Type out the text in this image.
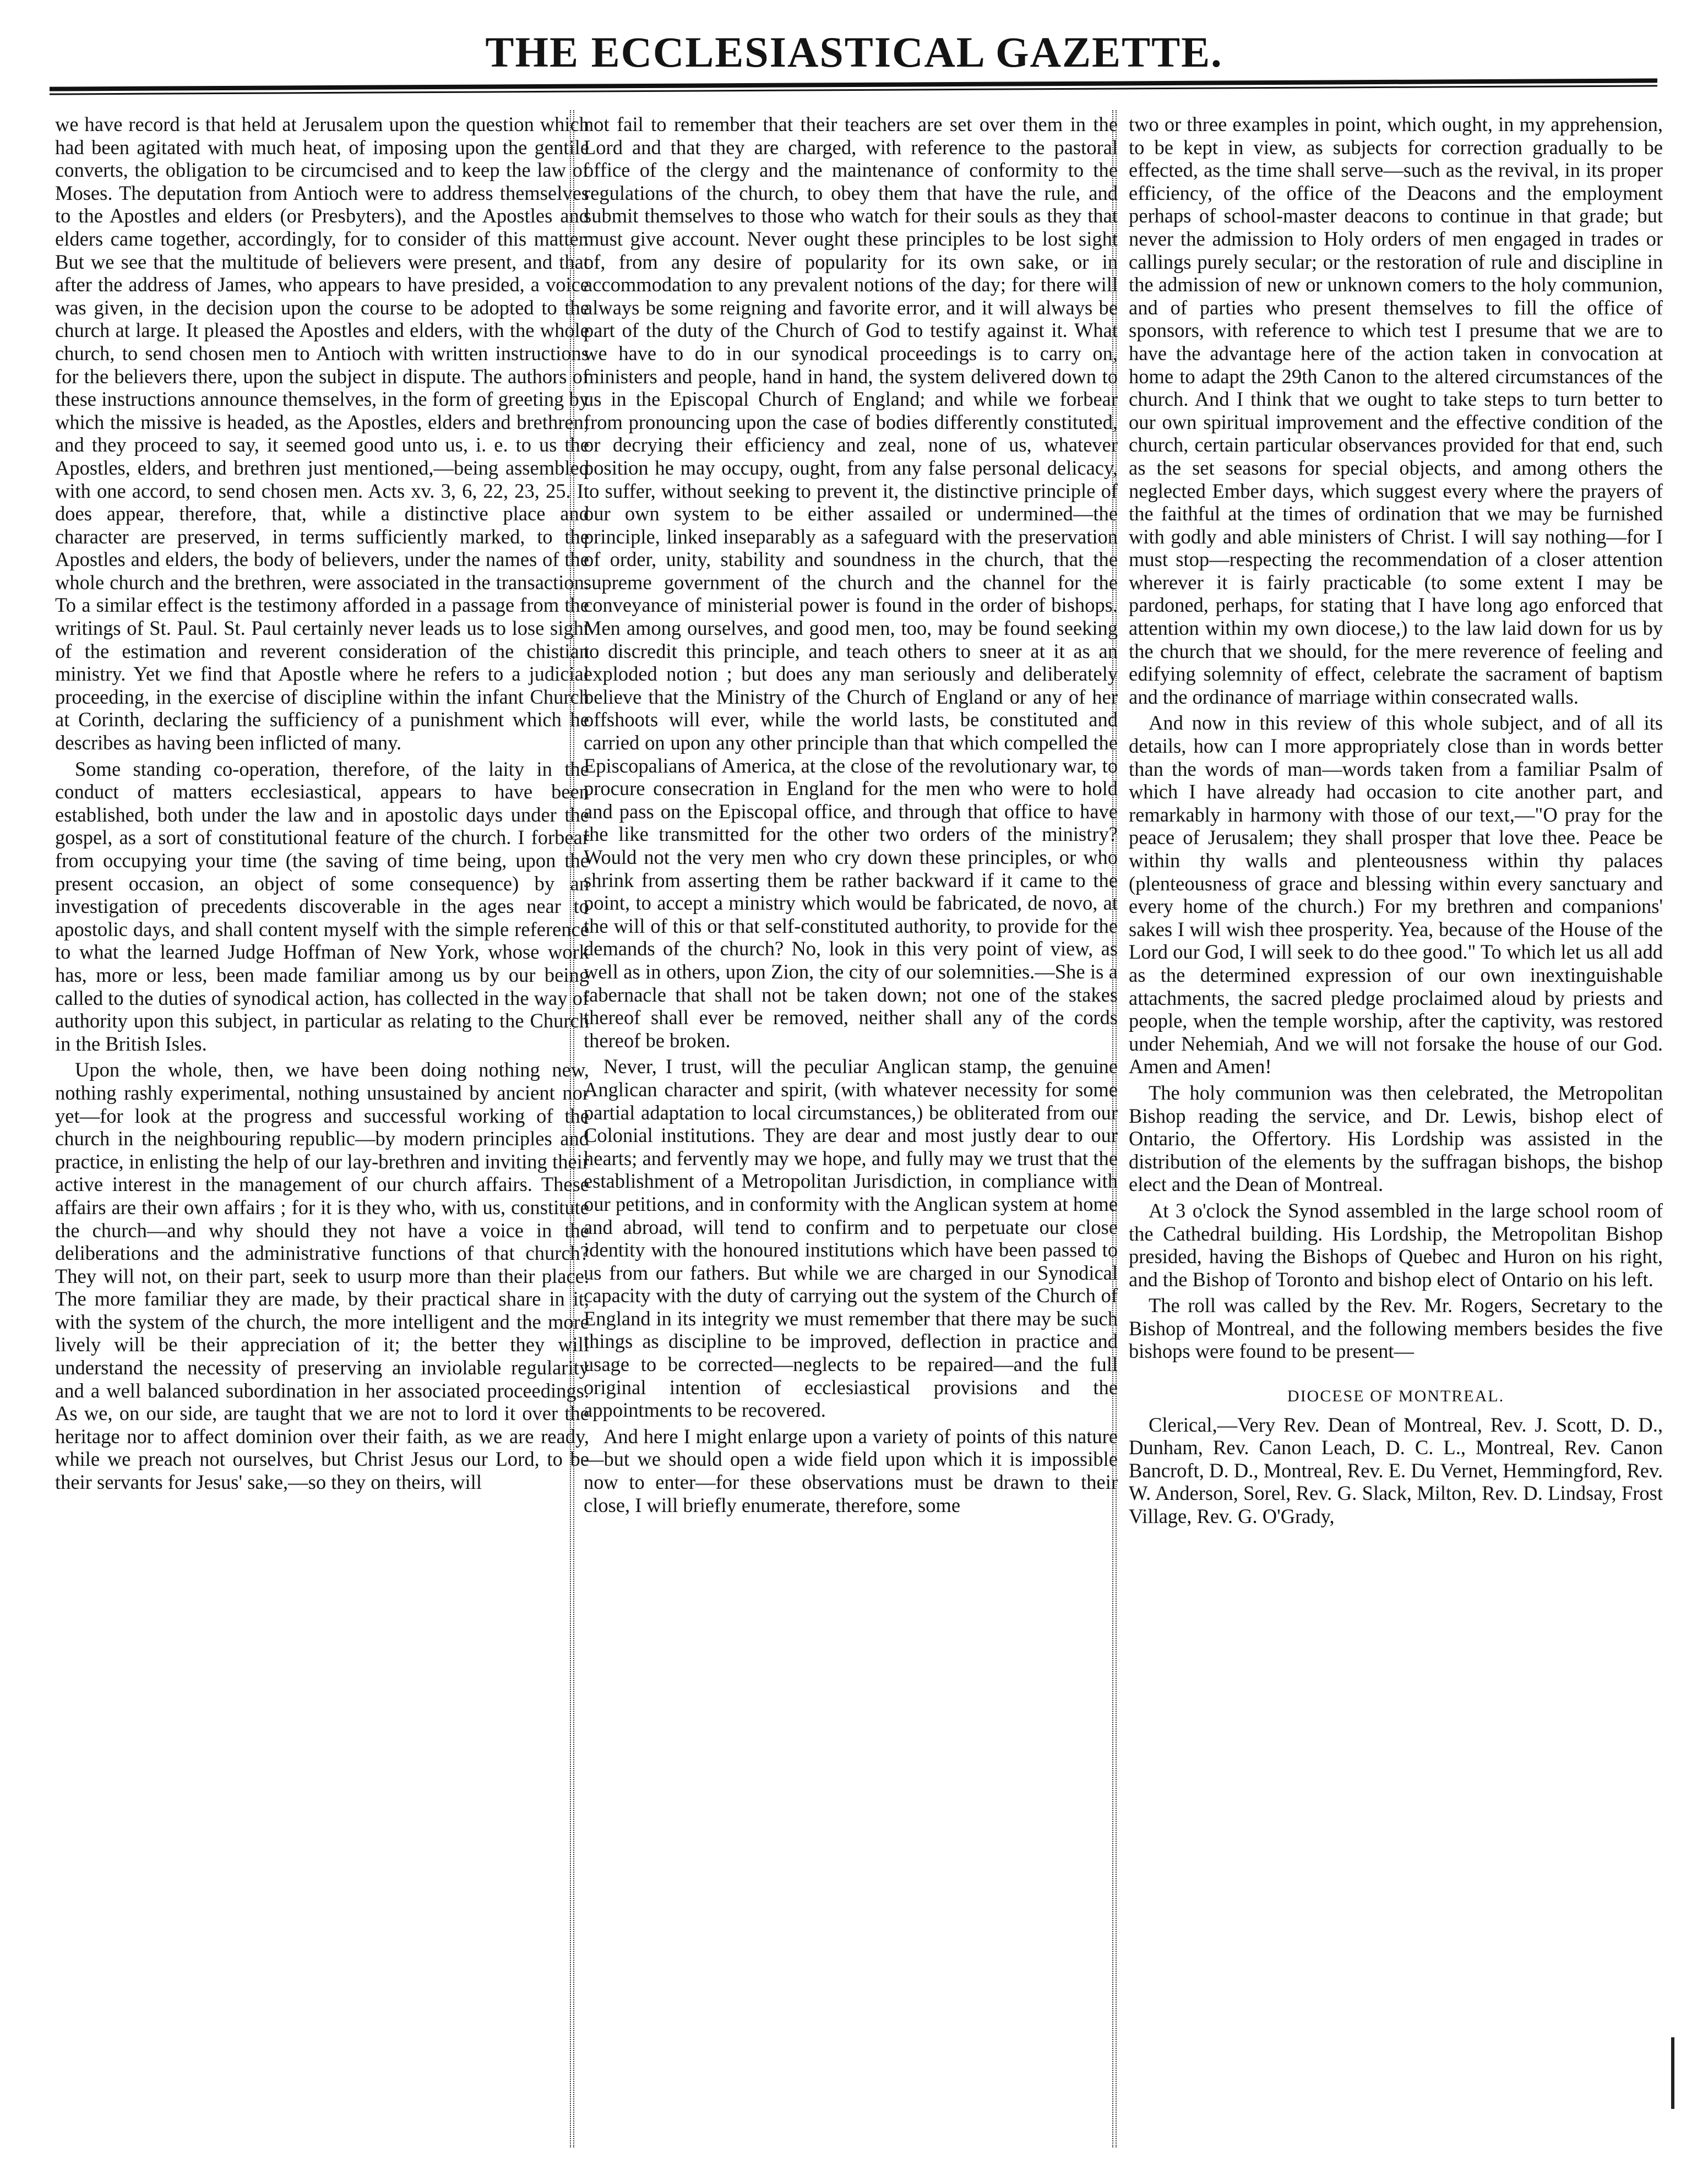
THE ECCLESIASTICAL GAZETTE.

we have record is that held at Jerusalem upon the question which had been agitated with much heat, of imposing upon the gentile converts, the obligation to be circumcised and to keep the law of Moses. The deputation from Antioch were to address themselves to the Apostles and elders (or Presbyters), and the Apostles and elders came together, accordingly, for to consider of this matter. But we see that the multitude of believers were present, and that after the address of James, who appears to have presided, a voice was given, in the decision upon the course to be adopted to the church at large. It pleased the Apostles and elders, with the whole church, to send chosen men to Antioch with written instructions for the believers there, upon the subject in dispute. The authors of these instructions announce themselves, in the form of greeting by which the missive is headed, as the Apostles, elders and brethren; and they proceed to say, it seemed good unto us, i. e. to us the Apostles, elders, and brethren just mentioned,—being assembled with one accord, to send chosen men. Acts xv. 3, 6, 22, 23, 25. It does appear, therefore, that, while a distinctive place and character are preserved, in terms sufficiently marked, to the Apostles and elders, the body of believers, under the names of the whole church and the brethren, were associated in the transaction. To a similar effect is the testimony afforded in a passage from the writings of St. Paul. St. Paul certainly never leads us to lose sight of the estimation and reverent consideration of the chistian ministry. Yet we find that Apostle where he refers to a judicial proceeding, in the exercise of discipline within the infant Church at Corinth, declaring the sufficiency of a punishment which he describes as having been inflicted of many.

Some standing co-operation, therefore, of the laity in the conduct of matters ecclesiastical, appears to have been established, both under the law and in apostolic days under the gospel, as a sort of constitutional feature of the church. I forbear from occupying your time (the saving of time being, upon the present occasion, an object of some consequence) by an investigation of precedents discoverable in the ages near to apostolic days, and shall content myself with the simple reference to what the learned Judge Hoffman of New York, whose work has, more or less, been made familiar among us by our being called to the duties of synodical action, has collected in the way of authority upon this subject, in particular as relating to the Church in the British Isles.

Upon the whole, then, we have been doing nothing new, nothing rashly experimental, nothing unsustained by ancient nor yet—for look at the progress and successful working of the church in the neighbouring republic—by modern principles and practice, in enlisting the help of our lay-brethren and inviting their active interest in the management of our church affairs. These affairs are their own affairs ; for it is they who, with us, constitute the church—and why should they not have a voice in the deliberations and the administrative functions of that church? They will not, on their part, seek to usurp more than their place. The more familiar they are made, by their practical share in it, with the system of the church, the more intelligent and the more lively will be their appreciation of it; the better they will understand the necessity of preserving an inviolable regularity and a well balanced subordination in her associated proceedings. As we, on our side, are taught that we are not to lord it over the heritage nor to affect dominion over their faith, as we are ready, while we preach not ourselves, but Christ Jesus our Lord, to be their servants for Jesus' sake,—so they on theirs, will

not fail to remember that their teachers are set over them in the Lord and that they are charged, with reference to the pastoral office of the clergy and the maintenance of conformity to the regulations of the church, to obey them that have the rule, and submit themselves to those who watch for their souls as they that must give account. Never ought these principles to be lost sight of, from any desire of popularity for its own sake, or in accommodation to any prevalent notions of the day; for there will always be some reigning and favorite error, and it will always be part of the duty of the Church of God to testify against it. What we have to do in our synodical proceedings is to carry on, ministers and people, hand in hand, the system delivered down to us in the Episcopal Church of England; and while we forbear from pronouncing upon the case of bodies differently constituted, or decrying their efficiency and zeal, none of us, whatever position he may occupy, ought, from any false personal delicacy, to suffer, without seeking to prevent it, the distinctive principle of our own system to be either assailed or undermined—the principle, linked inseparably as a safeguard with the preservation of order, unity, stability and soundness in the church, that the supreme government of the church and the channel for the conveyance of ministerial power is found in the order of bishops. Men among ourselves, and good men, too, may be found seeking to discredit this principle, and teach others to sneer at it as an exploded notion ; but does any man seriously and deliberately believe that the Ministry of the Church of England or any of her offshoots will ever, while the world lasts, be constituted and carried on upon any other principle than that which compelled the Episcopalians of America, at the close of the revolutionary war, to procure consecration in England for the men who were to hold and pass on the Episcopal office, and through that office to have the like transmitted for the other two orders of the ministry? Would not the very men who cry down these principles, or who shrink from asserting them be rather backward if it came to the point, to accept a ministry which would be fabricated, de novo, at the will of this or that self-constituted authority, to provide for the demands of the church? No, look in this very point of view, as well as in others, upon Zion, the city of our solemnities.—She is a tabernacle that shall not be taken down; not one of the stakes thereof shall ever be removed, neither shall any of the cords thereof be broken.

Never, I trust, will the peculiar Anglican stamp, the genuine Anglican character and spirit, (with whatever necessity for some partial adaptation to local circumstances,) be obliterated from our Colonial institutions. They are dear and most justly dear to our hearts; and fervently may we hope, and fully may we trust that the establishment of a Metropolitan Jurisdiction, in compliance with our petitions, and in conformity with the Anglican system at home and abroad, will tend to confirm and to perpetuate our close identity with the honoured institutions which have been passed to us from our fathers. But while we are charged in our Synodical capacity with the duty of carrying out the system of the Church of England in its integrity we must remember that there may be such things as discipline to be improved, deflection in practice and usage to be corrected—neglects to be repaired—and the full original intention of ecclesiastical provisions and the appointments to be recovered.

And here I might enlarge upon a variety of points of this nature—but we should open a wide field upon which it is impossible now to enter—for these observations must be drawn to their close, I will briefly enumerate, therefore, some

two or three examples in point, which ought, in my apprehension, to be kept in view, as subjects for correction gradually to be effected, as the time shall serve—such as the revival, in its proper efficiency, of the office of the Deacons and the employment perhaps of school-master deacons to continue in that grade; but never the admission to Holy orders of men engaged in trades or callings purely secular; or the restoration of rule and discipline in the admission of new or unknown comers to the holy communion, and of parties who present themselves to fill the office of sponsors, with reference to which test I presume that we are to have the advantage here of the action taken in convocation at home to adapt the 29th Canon to the altered circumstances of the church. And I think that we ought to take steps to turn better to our own spiritual improvement and the effective condition of the church, certain particular observances provided for that end, such as the set seasons for special objects, and among others the neglected Ember days, which suggest every where the prayers of the faithful at the times of ordination that we may be furnished with godly and able ministers of Christ. I will say nothing—for I must stop—respecting the recommendation of a closer attention wherever it is fairly practicable (to some extent I may be pardoned, perhaps, for stating that I have long ago enforced that attention within my own diocese,) to the law laid down for us by the church that we should, for the mere reverence of feeling and edifying solemnity of effect, celebrate the sacrament of baptism and the ordinance of marriage within consecrated walls.

And now in this review of this whole subject, and of all its details, how can I more appropriately close than in words better than the words of man—words taken from a familiar Psalm of which I have already had occasion to cite another part, and remarkably in harmony with those of our text,—"O pray for the peace of Jerusalem; they shall prosper that love thee. Peace be within thy walls and plenteousness within thy palaces (plenteousness of grace and blessing within every sanctuary and every home of the church.) For my brethren and companions' sakes I will wish thee prosperity. Yea, because of the House of the Lord our God, I will seek to do thee good." To which let us all add as the determined expression of our own inextinguishable attachments, the sacred pledge proclaimed aloud by priests and people, when the temple worship, after the captivity, was restored under Nehemiah, And we will not forsake the house of our God. Amen and Amen!

The holy communion was then celebrated, the Metropolitan Bishop reading the service, and Dr. Lewis, bishop elect of Ontario, the Offertory. His Lordship was assisted in the distribution of the elements by the suffragan bishops, the bishop elect and the Dean of Montreal.

At 3 o'clock the Synod assembled in the large school room of the Cathedral building. His Lordship, the Metropolitan Bishop presided, having the Bishops of Quebec and Huron on his right, and the Bishop of Toronto and bishop elect of Ontario on his left.

The roll was called by the Rev. Mr. Rogers, Secretary to the Bishop of Montreal, and the following members besides the five bishops were found to be present—

DIOCESE OF MONTREAL.

Clerical,—Very Rev. Dean of Montreal, Rev. J. Scott, D. D., Dunham, Rev. Canon Leach, D. C. L., Montreal, Rev. Canon Bancroft, D. D., Montreal, Rev. E. Du Vernet, Hemmingford, Rev. W. Anderson, Sorel, Rev. G. Slack, Milton, Rev. D. Lindsay, Frost Village, Rev. G. O'Grady,
